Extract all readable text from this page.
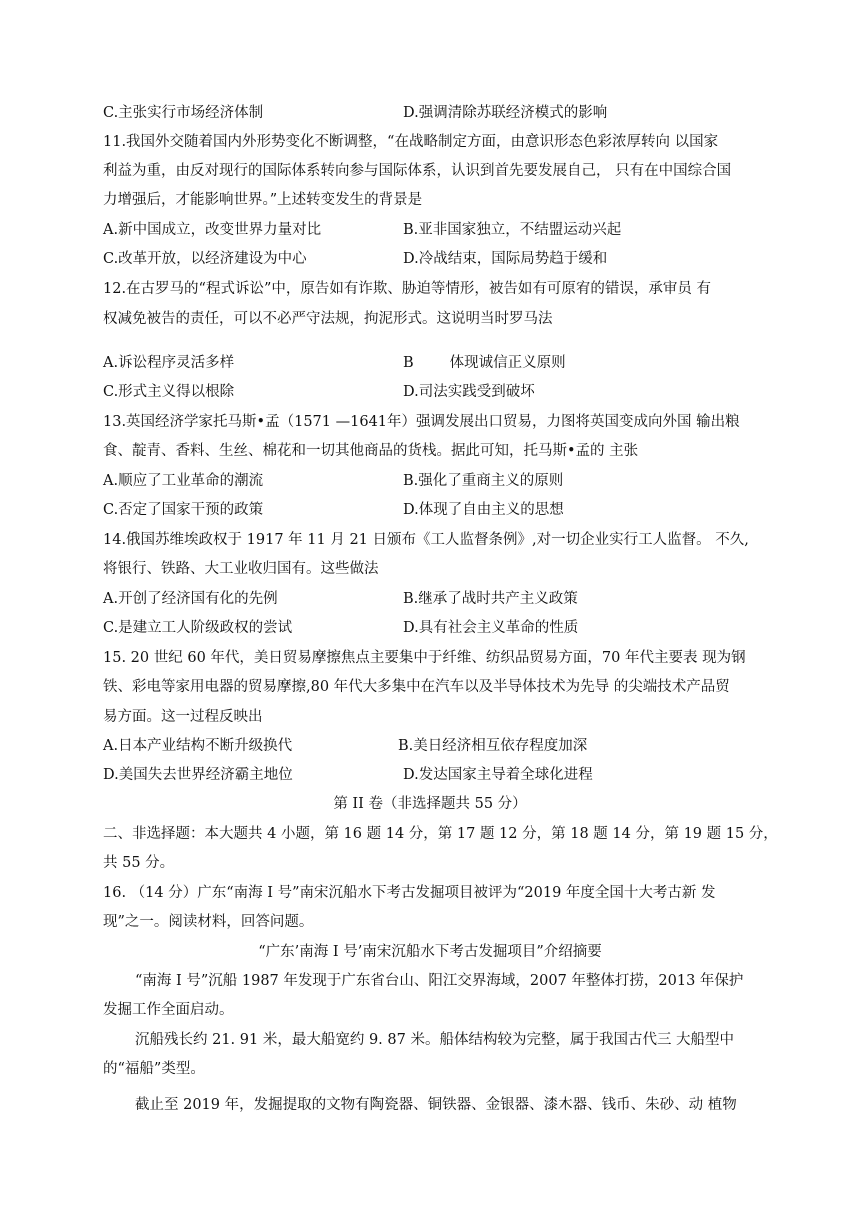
C.主张实行市场经济体制	D.强调清除苏联经济模式的影响
11.我国外交随着国内外形势变化不断调整，“在战略制定方面，由意识形态色彩浓厚转向 以国家
利益为重，由反对现行的国际体系转向参与国际体系，认识到首先要发展自己， 只有在中国综合国
力增强后，才能影响世界。”上述转变发生的背景是
A.新中国成立，改变世界力量对比	B.亚非国家独立，不结盟运动兴起
C.改革开放，以经济建设为中心	D.冷战结束，国际局势趋于缓和
12.在古罗马的“程式诉讼”中，原告如有诈欺、胁迫等情形，被告如有可原宥的错误，承审员 有
权减免被告的责任，可以不必严守法规，拘泥形式。这说明当时罗马法
A.诉讼程序灵活多样	B 体现诚信正义原则
C.形式主义得以根除	D.司法实践受到破坏
13.英国经济学家托马斯•孟（1571 —1641年）强调发展出口贸易，力图将英国变成向外国 输出粮
食、靛青、香料、生丝、棉花和一切其他商品的货栈。据此可知，托马斯•孟的 主张
A.顺应了工业革命的潮流	B.强化了重商主义的原则
C.否定了国家干预的政策	D.体现了自由主义的思想
14.俄国苏维埃政权于 1917 年 11 月 21 日颁布《工人监督条例》,对一切企业实行工人监督。 不久,
将银行、铁路、大工业收归国有。这些做法
A.开创了经济国有化的先例	B.继承了战时共产主义政策
C.是建立工人阶级政权的尝试	D.具有社会主义革命的性质
15. 20 世纪 60 年代，美日贸易摩擦焦点主要集中于纤维、纺织品贸易方面，70 年代主要表 现为钢
铁、彩电等家用电器的贸易摩擦,80 年代大多集中在汽车以及半导体技术为先导 的尖端技术产品贸
易方面。这一过程反映出
A.日本产业结构不断升级换代	B.美日经济相互依存程度加深
D.美国失去世界经济霸主地位	D.发达国家主导着全球化进程
第 II 卷（非选择题共 55 分）
二、非选择题：本大题共 4 小题，第 16 题 14 分，第 17 题 12 分，第 18 题 14 分，第 19 题 15 分，
共 55 分。
16. （14 分）广东“南海 I 号”南宋沉船水下考古发掘项目被评为“2019 年度全国十大考古新 发
现”之一。阅读材料，回答问题。
“广东’南海 I 号’南宋沉船水下考古发掘项目”介绍摘要
“南海 I 号”沉船 1987 年发现于广东省台山、阳江交界海域，2007 年整体打捞，2013 年保护
发掘工作全面启动。
沉船残长约 21. 91 米，最大船宽约 9. 87 米。船体结构较为完整，属于我国古代三 大船型中
的“福船”类型。
截止至 2019 年，发掘提取的文物有陶瓷器、铜铁器、金银器、漆木器、钱币、朱砂、动 植物
